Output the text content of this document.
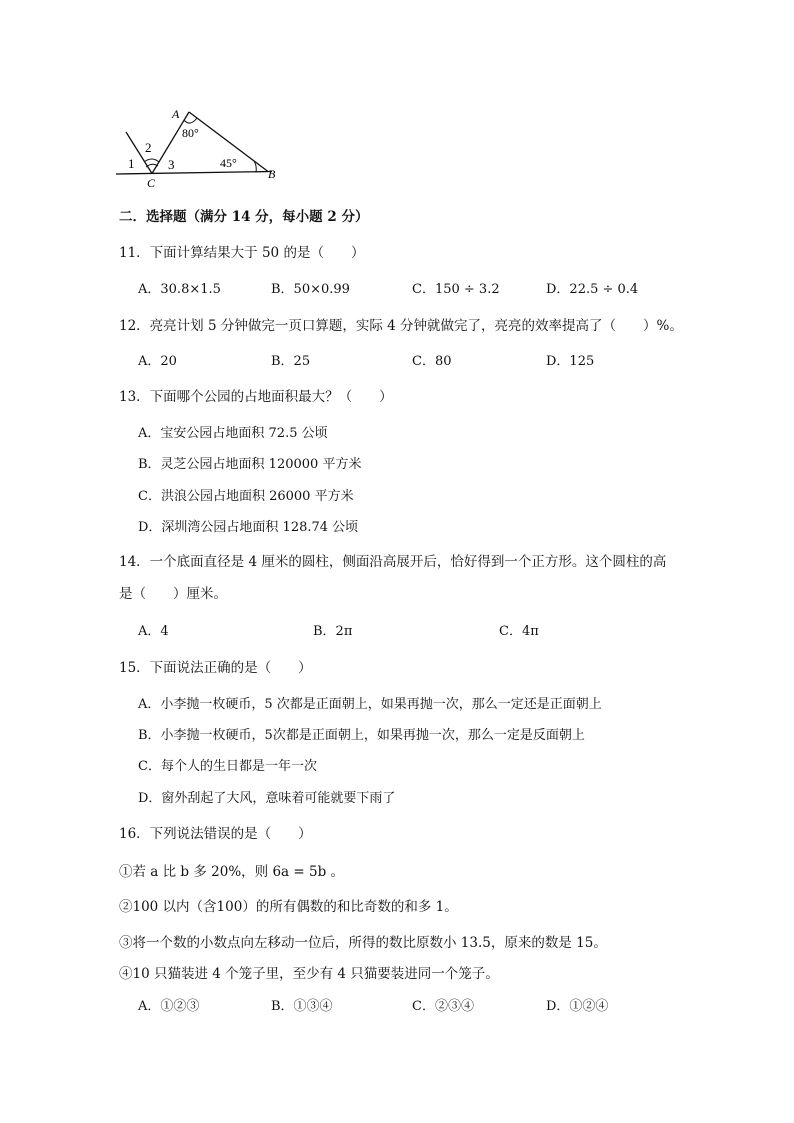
A
B
C
1
2
3
80°
45°
二．选择题（满分 14 分，每小题 2 分）
11．下面计算结果大于 50 的是（　　）
A．30.8×1.5	B．50×0.99	C．150 ÷ 3.2	D．22.5 ÷ 0.4
12．亮亮计划 5 分钟做完一页口算题，实际 4 分钟就做完了，亮亮的效率提高了（　　）%。
A．20	B．25	C．80	D．125
13．下面哪个公园的占地面积最大？（　　）
A．宝安公园占地面积 72.5 公顷
B．灵芝公园占地面积 120000 平方米
C．洪浪公园占地面积 26000 平方米
D．深圳湾公园占地面积 128.74 公顷
14．一个底面直径是 4 厘米的圆柱，侧面沿高展开后，恰好得到一个正方形。这个圆柱的高
是（　　）厘米。
A．4	B．2π	C．4π
15．下面说法正确的是（　　）
A．小李抛一枚硬币，5 次都是正面朝上，如果再抛一次，那么一定还是正面朝上
B．小李抛一枚硬币，5次都是正面朝上，如果再抛一次，那么一定是反面朝上
C．每个人的生日都是一年一次
D．窗外刮起了大风，意味着可能就要下雨了
16．下列说法错误的是（　　）
①若 a 比 b 多 20%，则 6a = 5b 。
②100 以内（含100）的所有偶数的和比奇数的和多 1。
③将一个数的小数点向左移动一位后，所得的数比原数小 13.5，原来的数是 15。
④10 只猫装进 4 个笼子里，至少有 4 只猫要装进同一个笼子。
A．①②③	B．①③④	C．②③④	D．①②④
